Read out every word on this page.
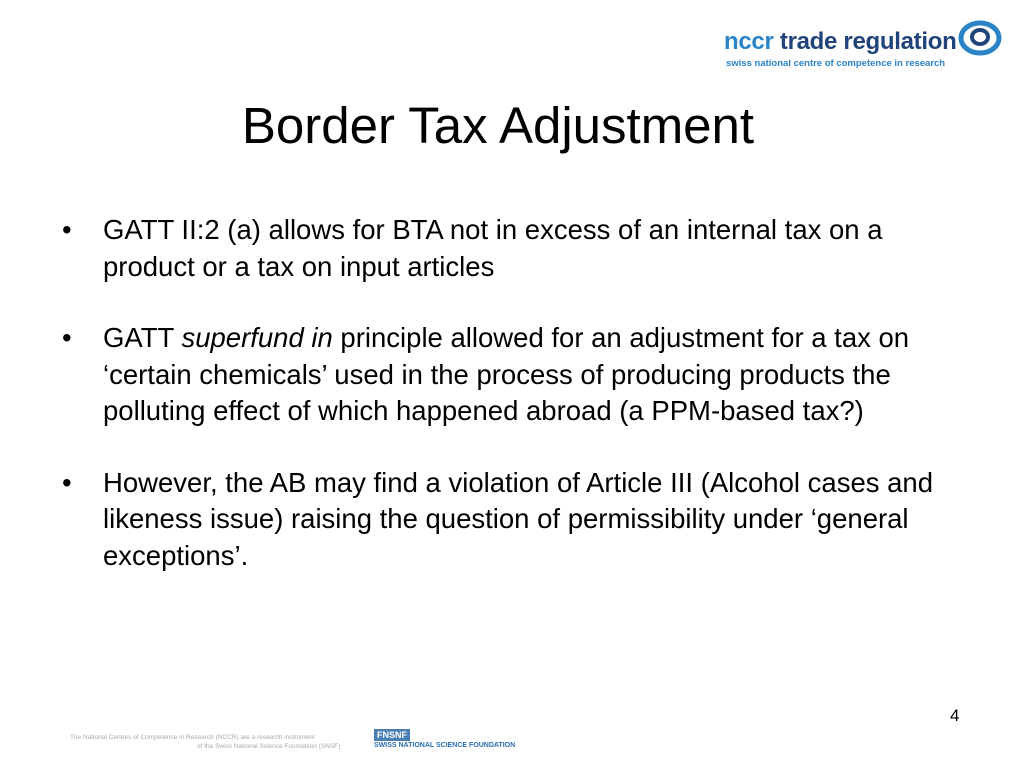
nccr trade regulation
swiss national centre of competence in research
Border Tax Adjustment
• GATT II:2 (a) allows for BTA not in excess of an internal tax on a product or a tax on input articles
• GATT superfund in principle allowed for an adjustment for a tax on ‘certain chemicals’ used in the process of producing products the polluting effect of which happened abroad (a PPM-based tax?)
• However, the AB may find a violation of Article III (Alcohol cases and likeness issue) raising the question of permissibility under ‘general exceptions’.
The National Centres of Competence in Research (NCCR) are a research instrument
of the Swiss National Science Foundation (SNSF)
FNSNF
SWISS NATIONAL SCIENCE FOUNDATION
4
